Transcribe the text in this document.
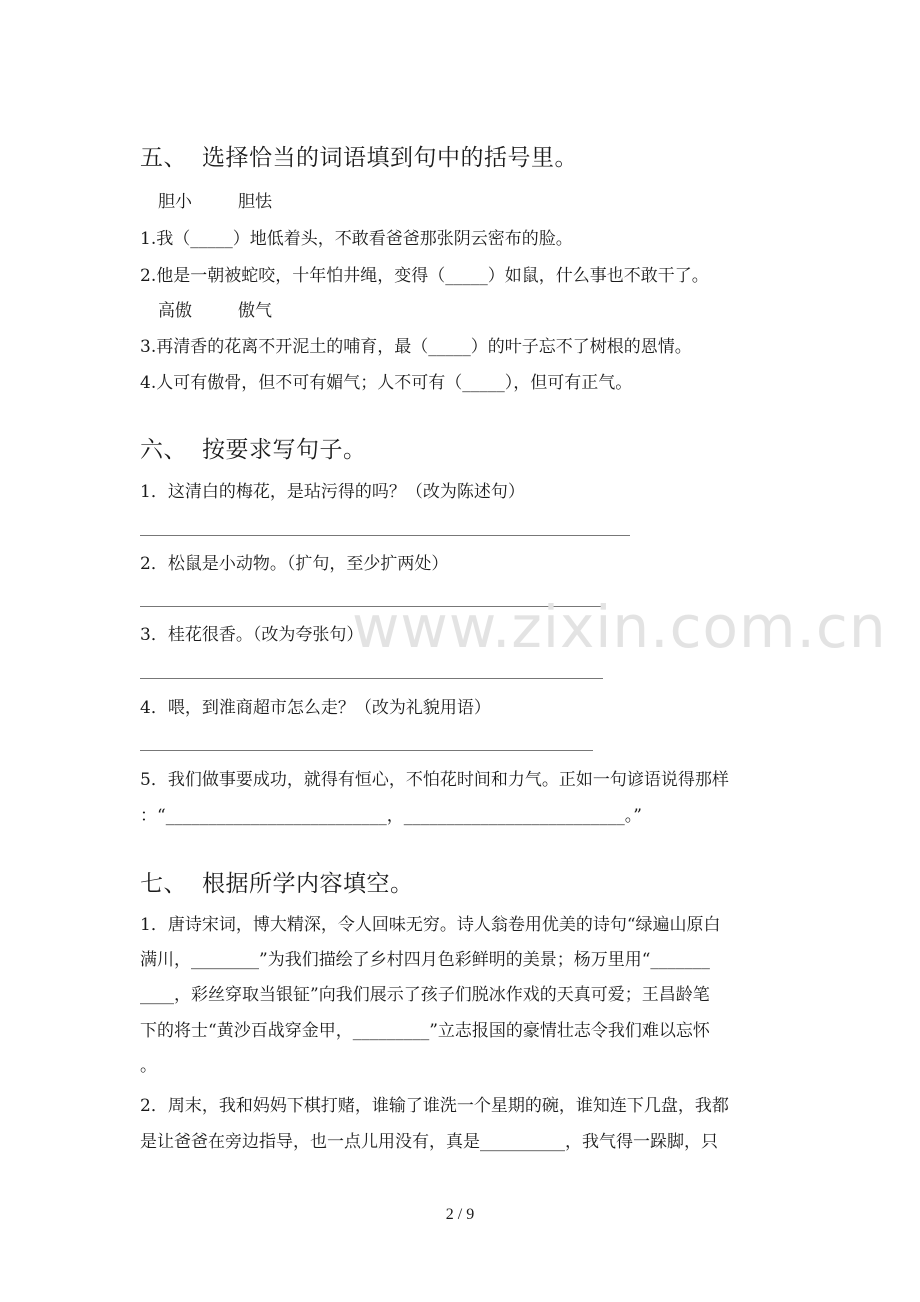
五、 选择恰当的词语填到句中的括号里。
胆小	胆怯
1.我（_____）地低着头，不敢看爸爸那张阴云密布的脸。
2.他是一朝被蛇咬，十年怕井绳，变得（_____）如鼠，什么事也不敢干了。
高傲	傲气
3.再清香的花离不开泥土的哺育，最（_____）的叶子忘不了树根的恩情。
4.人可有傲骨，但不可有媚气；人不可有（_____），但可有正气。
六、 按要求写句子。
1．这清白的梅花，是玷污得的吗？（改为陈述句）
2．松鼠是小动物。（扩句，至少扩两处）
3．桂花很香。（改为夸张句）
4．喂，到淮商超市怎么走？（改为礼貌用语）
5．我们做事要成功，就得有恒心，不怕花时间和力气。正如一句谚语说得那样
：“__________________________，__________________________。”
七、 根据所学内容填空。
1．唐诗宋词，博大精深，令人回味无穷。诗人翁卷用优美的诗句“绿遍山原白
满川，________”为我们描绘了乡村四月色彩鲜明的美景；杨万里用“_______
____，彩丝穿取当银钲”向我们展示了孩子们脱冰作戏的天真可爱；王昌龄笔
下的将士“黄沙百战穿金甲，_________”立志报国的豪情壮志令我们难以忘怀
。
2．周末，我和妈妈下棋打赌，谁输了谁洗一个星期的碗，谁知连下几盘，我都
是让爸爸在旁边指导，也一点儿用没有，真是__________，我气得一跺脚，只
www.zixin.com.cn
2 / 9
